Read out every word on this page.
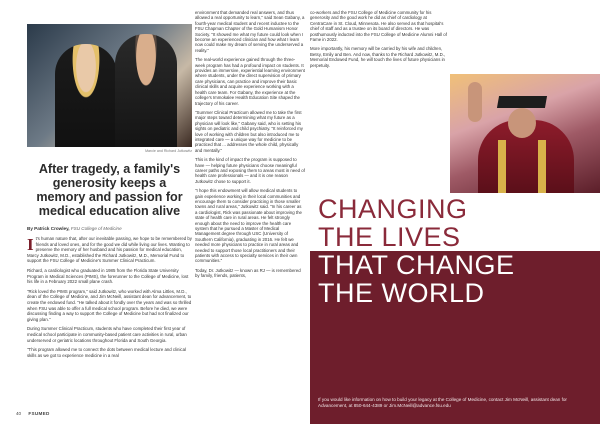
Marcie and Richard Jutkowitz
After tragedy, a family's generosity keeps a memory and passion for medical education alive
By Patrick Crowley, FSU College of Medicine

It's human nature that, after our inevitable passing, we hope to be remembered by friends and loved ones, and for the good we did while living our lives. Wanting to preserve the memory of her husband and his passion for medical education, Marcy Jutkowitz, M.D., established the Richard Jutkowitz, M.D., Memorial Fund to support the FSU College of Medicine's Summer Clinical Practicum.

Richard, a cardiologist who graduated in 1985 from the Florida State University Program in Medical Sciences (PIMS), the forerunner to the College of Medicine, lost his life in a February 2022 small plane crash.

"Rick loved the PIMS program," said Jutkowitz, who worked with Alma Littles, M.D., dean of the College of Medicine, and Jim McNeill, assistant dean for advancement, to create the endowed fund. "He talked about it fondly over the years and was so thrilled when FSU was able to offer a full medical school program. Before he died, we were discussing finding a way to support the College of Medicine but had not finalized our giving plan."

During Summer Clinical Practicum, students who have completed their first year of medical school participate in community-based patient care activities in rural, urban underserved or geriatric locations throughout Florida and South Georgia.

"This program allowed me to connect the dots between medical lecture and clinical skills as we got to experience medicine in a real

environment that demanded real answers, and thus allowed a real opportunity to learn," said Sean Gabany, a fourth-year medical student and recent inductee to the FSU Chapman Chapter of the Gold Humanism Honor Society. "It showed me what my future could look when I become an experienced clinician and how what I learn now could make my dream of serving the underserved a reality."

The real-world experience gained through the three-week program has had a profound impact on students. It provides an immersive, experiential learning environment where students, under the direct supervision of primary care physicians, can practice and improve their basic clinical skills and acquire experience working with a health care team. For Gabany, the experience at the college's Immokalee Health Education Site shaped the trajectory of his career.

"Summer Clinical Practicum allowed me to take the first major steps toward determining what my future as a physician will look like," Gabany said, who is setting his sights on pediatric and child psychiatry. "It reinforced my love of working with children but also introduced me to integrated care — a unique way for medicine to be practiced that ... addresses the whole child, physically and mentally."

This is the kind of impact the program is supposed to have — helping future physicians choose meaningful career paths and exposing them to areas most in need of health care professionals — and it is one reason Jutkowitz chose to support it.

"I hope this endowment will allow medical students to gain experience working in their local communities and encourage them to consider practicing in those smaller towns and rural areas," Jutkowitz said. "In his career as a cardiologist, Rick was passionate about improving the state of health care in rural areas. He felt strongly enough about the need to improve the health care system that he pursued a Master of Medical Management degree through USC (University of Southern California), graduating in 2016. He felt we needed more physicians to practice in rural areas and needed to support those local practitioners and their patients with access to specialty services in their own communities."

Today, Dr. Jutkowitz — known as RJ — is remembered by family, friends, patients,

co-workers and the FSU College of Medicine community for his generosity and the good work he did as chief of cardiology at CentraCare in St. Cloud, Minnesota. He also served as that hospital's chief of staff and as a trustee on its board of directors. He was posthumously inducted into the FSU College of Medicine Alumni Hall of Fame in 2022.

More importantly, his memory will be carried by his wife and children, Betsy, Emily and Ben. And now, thanks to the Richard Jutkowitz, M.D., Memorial Endowed Fund, he will touch the lives of future physicians in perpetuity.

CHANGING
THE LIVES
THAT CHANGE
THE WORLD
If you would like information on how to build your legacy at the College of Medicine, contact Jim McNeill, assistant dean for Advancement, at 850-644-4389 or Jim.McNeill@advance.fsu.edu
40 FSUMED
